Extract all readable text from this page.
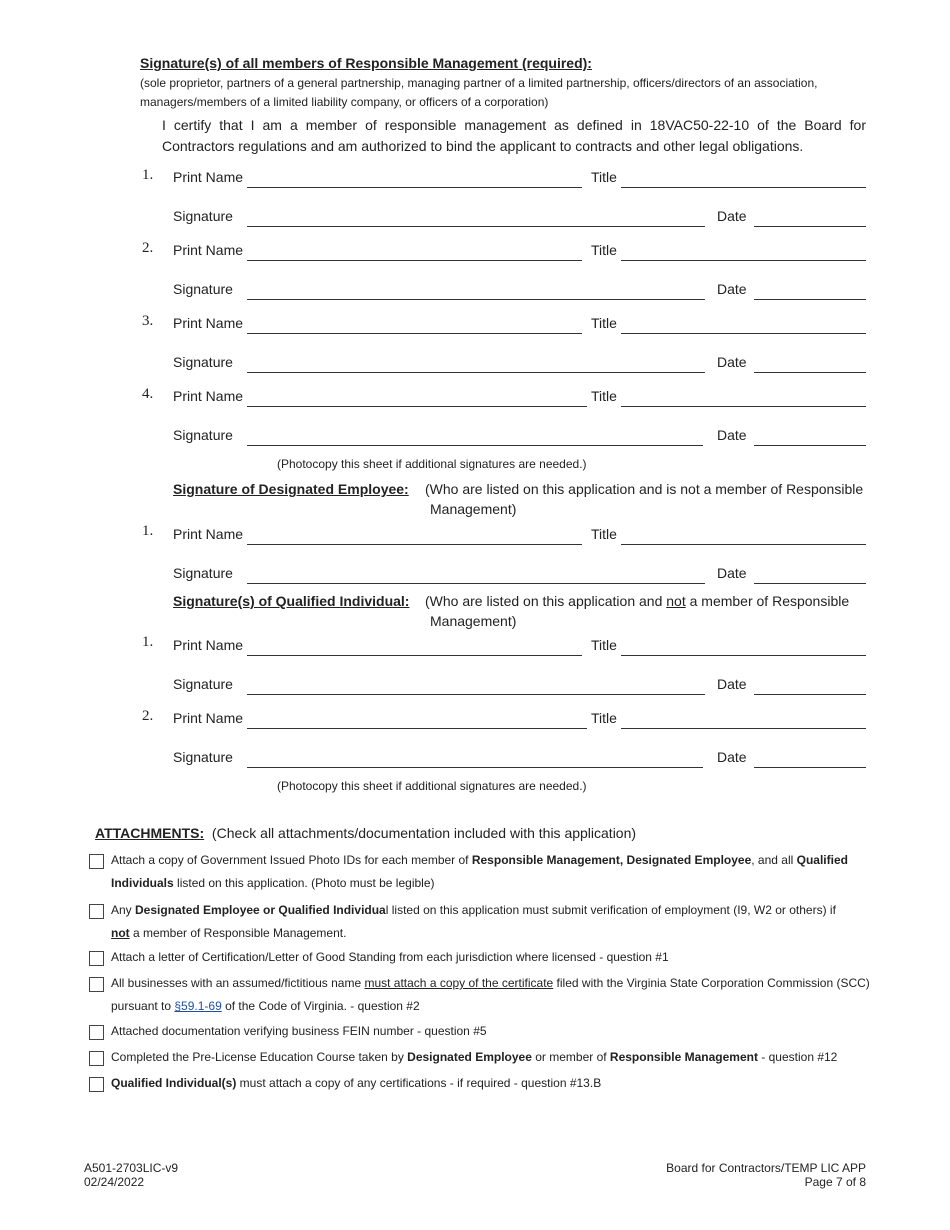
Signature(s) of all members of Responsible Management (required):
(sole proprietor, partners of a general partnership, managing partner of a limited partnership, officers/directors of an association,
managers/members of a limited liability company, or officers of a corporation)
I certify that I am a member of responsible management as defined in 18VAC50-22-10 of the Board for
Contractors regulations and am authorized to bind the applicant to contracts and other legal obligations.
1. Print Name	Title
Signature	Date
2. Print Name	Title
Signature	Date
3. Print Name	Title
Signature	Date
4. Print Name	Title
Signature	Date
(Photocopy this sheet if additional signatures are needed.)
Signature of Designated Employee: (Who are listed on this application and is not a member of Responsible
Management)
1. Print Name	Title
Signature	Date
Signature(s) of Qualified Individual: (Who are listed on this application and not a member of Responsible
Management)
1. Print Name	Title
Signature	Date
2. Print Name	Title
Signature	Date
(Photocopy this sheet if additional signatures are needed.)
ATTACHMENTS: (Check all attachments/documentation included with this application)
Attach a copy of Government Issued Photo IDs for each member of Responsible Management, Designated Employee, and all Qualified
Individuals listed on this application. (Photo must be legible)
Any Designated Employee or Qualified Individual listed on this application must submit verification of employment (I9, W2 or others) if
not a member of Responsible Management.
Attach a letter of Certification/Letter of Good Standing from each jurisdiction where licensed - question #1
All businesses with an assumed/fictitious name must attach a copy of the certificate filed with the Virginia State Corporation Commission (SCC)
pursuant to §59.1-69 of the Code of Virginia. - question #2
Attached documentation verifying business FEIN number - question #5
Completed the Pre-License Education Course taken by Designated Employee or member of Responsible Management - question #12
Qualified Individual(s) must attach a copy of any certifications - if required - question #13.B
A501-2703LIC-v9
02/24/2022
Board for Contractors/TEMP LIC APP
Page 7 of 8
